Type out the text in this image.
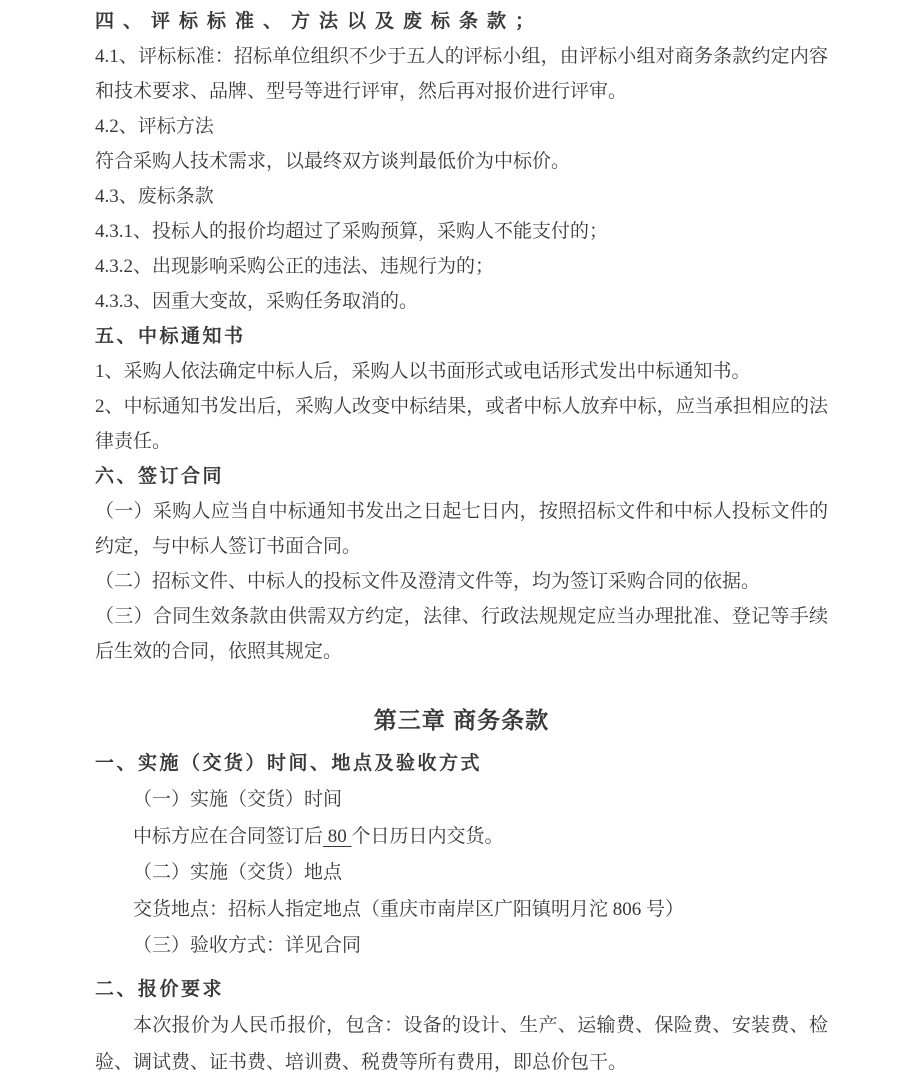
四、评标标准、方法以及废标条款；

4.1、评标标准：招标单位组织不少于五人的评标小组，由评标小组对商务条款约定内容和技术要求、品牌、型号等进行评审，然后再对报价进行评审。

4.2、评标方法

符合采购人技术需求，以最终双方谈判最低价为中标价。

4.3、废标条款

4.3.1、投标人的报价均超过了采购预算，采购人不能支付的；

4.3.2、出现影响采购公正的违法、违规行为的；

4.3.3、因重大变故，采购任务取消的。

五、中标通知书

1、采购人依法确定中标人后，采购人以书面形式或电话形式发出中标通知书。

2、中标通知书发出后，采购人改变中标结果，或者中标人放弃中标，应当承担相应的法律责任。

六、签订合同

（一）采购人应当自中标通知书发出之日起七日内，按照招标文件和中标人投标文件的约定，与中标人签订书面合同。

（二）招标文件、中标人的投标文件及澄清文件等，均为签订采购合同的依据。

（三）合同生效条款由供需双方约定，法律、行政法规规定应当办理批准、登记等手续后生效的合同，依照其规定。

第三章 商务条款

一、实施（交货）时间、地点及验收方式

（一）实施（交货）时间

中标方应在合同签订后 80 个日历日内交货。

（二）实施（交货）地点

交货地点：招标人指定地点（重庆市南岸区广阳镇明月沱 806 号）

（三）验收方式：详见合同

二、报价要求

本次报价为人民币报价，包含：设备的设计、生产、运输费、保险费、安装费、检验、调试费、证书费、培训费、税费等所有费用，即总价包干。
